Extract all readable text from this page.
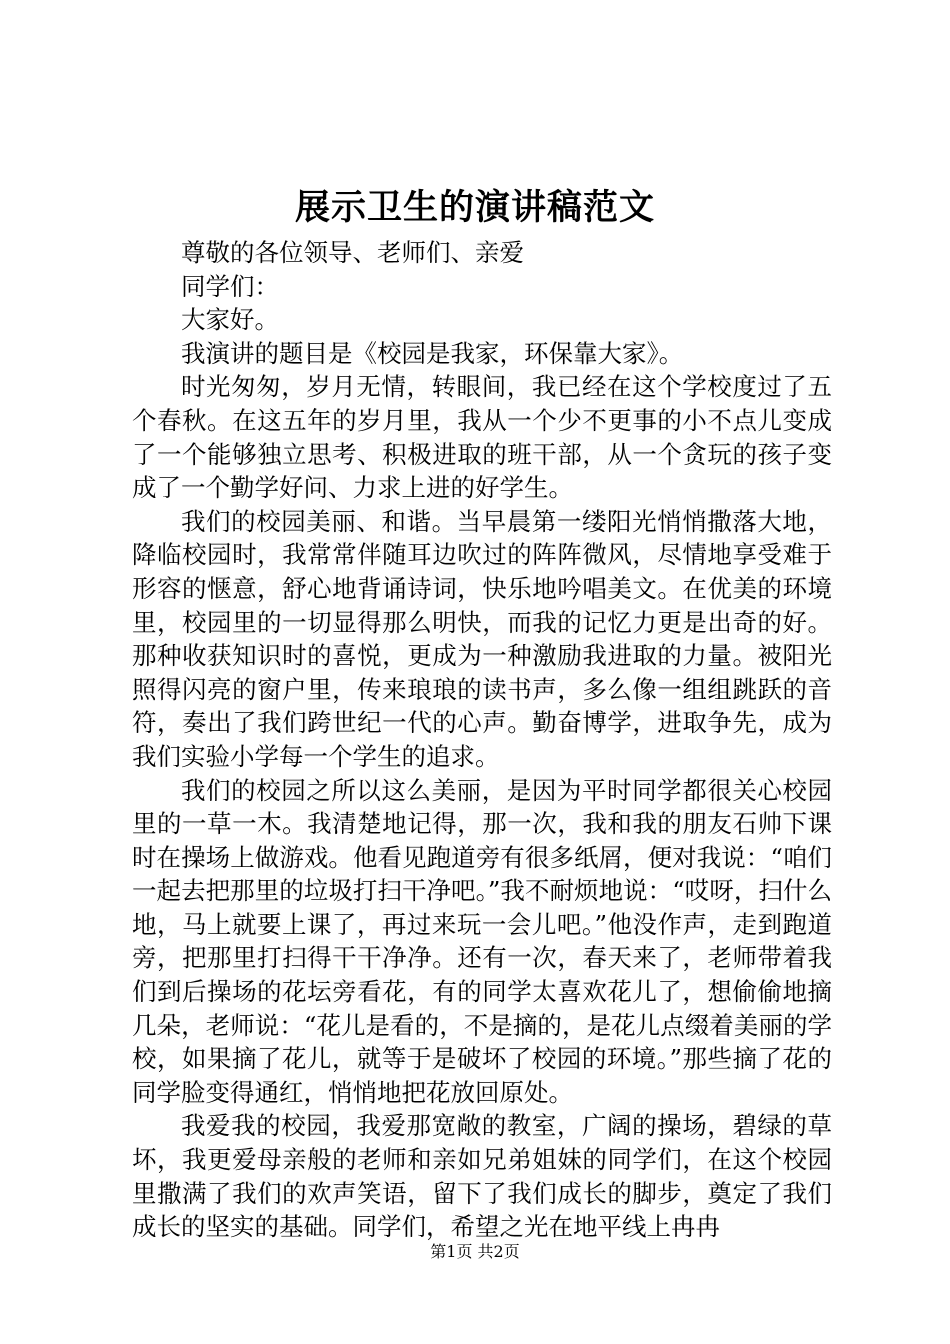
展示卫生的演讲稿范文

尊敬的各位领导、老师们、亲爱

同学们：

大家好。

我演讲的题目是《校园是我家，环保靠大家》。

时光匆匆，岁月无情，转眼间，我已经在这个学校度过了五个春秋。在这五年的岁月里，我从一个少不更事的小不点儿变成了一个能够独立思考、积极进取的班干部，从一个贪玩的孩子变成了一个勤学好问、力求上进的好学生。

我们的校园美丽、和谐。当早晨第一缕阳光悄悄撒落大地，降临校园时，我常常伴随耳边吹过的阵阵微风，尽情地享受难于形容的惬意，舒心地背诵诗词，快乐地吟唱美文。在优美的环境里，校园里的一切显得那么明快，而我的记忆力更是出奇的好。那种收获知识时的喜悦，更成为一种激励我进取的力量。被阳光照得闪亮的窗户里，传来琅琅的读书声，多么像一组组跳跃的音符，奏出了我们跨世纪一代的心声。勤奋博学，进取争先，成为我们实验小学每一个学生的追求。

我们的校园之所以这么美丽，是因为平时同学都很关心校园里的一草一木。我清楚地记得，那一次，我和我的朋友石帅下课时在操场上做游戏。他看见跑道旁有很多纸屑，便对我说：“咱们一起去把那里的垃圾打扫干净吧。”我不耐烦地说：“哎呀，扫什么地，马上就要上课了，再过来玩一会儿吧。”他没作声，走到跑道旁，把那里打扫得干干净净。还有一次，春天来了，老师带着我们到后操场的花坛旁看花，有的同学太喜欢花儿了，想偷偷地摘几朵，老师说：“花儿是看的，不是摘的，是花儿点缀着美丽的学校，如果摘了花儿，就等于是破坏了校园的环境。”那些摘了花的同学脸变得通红，悄悄地把花放回原处。

我爱我的校园，我爱那宽敞的教室，广阔的操场，碧绿的草坏，我更爱母亲般的老师和亲如兄弟姐妹的同学们，在这个校园里撒满了我们的欢声笑语，留下了我们成长的脚步，奠定了我们成长的坚实的基础。同学们，希望之光在地平线上冉冉

第1页 共2页
